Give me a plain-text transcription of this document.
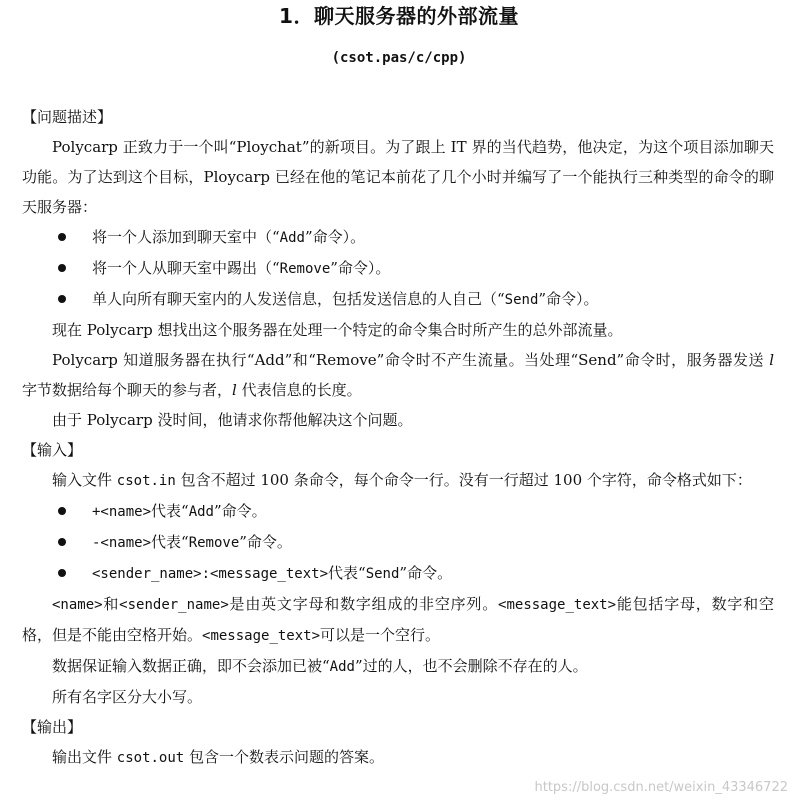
1．聊天服务器的外部流量
(csot.pas/c/cpp)
【问题描述】

Polycarp 正致力于一个叫“Ploychat”的新项目。为了跟上 IT 界的当代趋势，他决定，为这个项目添加聊天功能。为了达到这个目标，Ploycarp 已经在他的笔记本前花了几个小时并编写了一个能执行三种类型的命令的聊天服务器：

将一个人添加到聊天室中（“Add”命令）。
将一个人从聊天室中踢出（“Remove”命令）。
单人向所有聊天室内的人发送信息，包括发送信息的人自己（“Send”命令）。

现在 Polycarp 想找出这个服务器在处理一个特定的命令集合时所产生的总外部流量。

Polycarp 知道服务器在执行“Add”和“Remove”命令时不产生流量。当处理“Send”命令时，服务器发送 l 字节数据给每个聊天的参与者，l 代表信息的长度。

由于 Polycarp 没时间，他请求你帮他解决这个问题。

【输入】

输入文件 csot.in 包含不超过 100 条命令，每个命令一行。没有一行超过 100 个字符，命令格式如下：

+<name>代表“Add”命令。
-<name>代表“Remove”命令。
<sender_name>:<message_text>代表“Send”命令。

<name>和<sender_name>是由英文字母和数字组成的非空序列。<message_text>能包括字母，数字和空格，但是不能由空格开始。<message_text>可以是一个空行。

数据保证输入数据正确，即不会添加已被“Add”过的人，也不会删除不存在的人。

所有名字区分大小写。

【输出】

输出文件 csot.out 包含一个数表示问题的答案。

https://blog.csdn.net/weixin_43346722
